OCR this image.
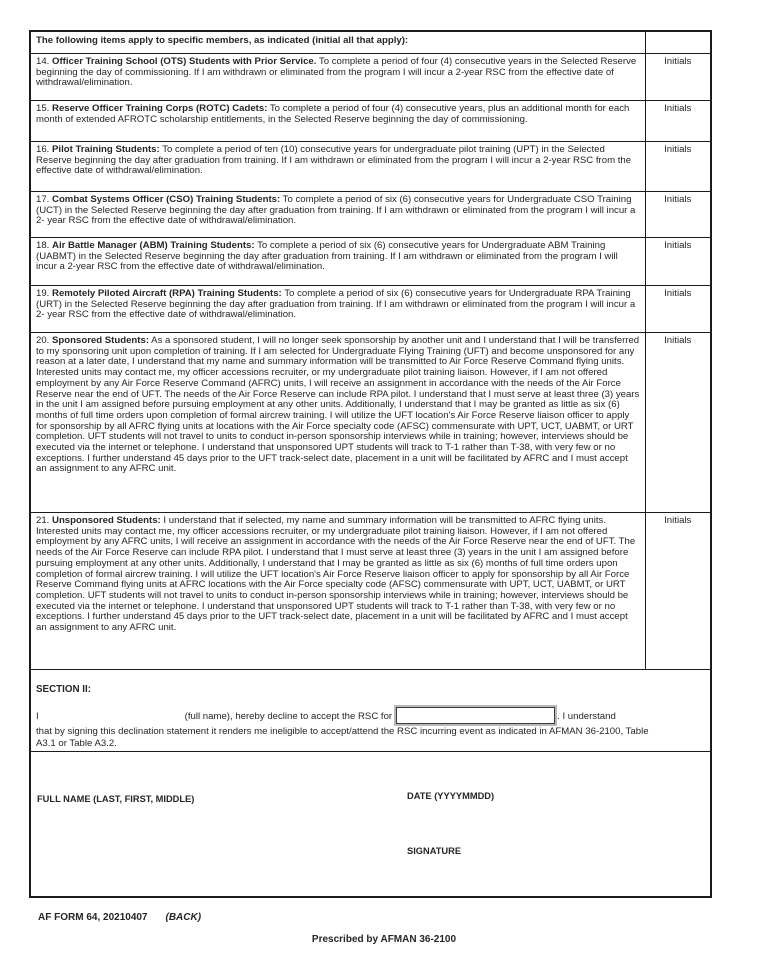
The following items apply to specific members, as indicated (initial all that apply):	
14. Officer Training School (OTS) Students with Prior Service. To complete a period of four (4) consecutive years in the Selected Reserve beginning the day of commissioning. If I am withdrawn or eliminated from the program I will incur a 2-year RSC from the effective date of withdrawal/elimination.	Initials
15. Reserve Officer Training Corps (ROTC) Cadets: To complete a period of four (4) consecutive years, plus an additional month for each month of extended AFROTC scholarship entitlements, in the Selected Reserve beginning the day of commissioning.	Initials
16. Pilot Training Students: To complete a period of ten (10) consecutive years for undergraduate pilot training (UPT) in the Selected Reserve beginning the day after graduation from training. If I am withdrawn or eliminated from the program I will incur a 2-year RSC from the effective date of withdrawal/elimination.	Initials
17. Combat Systems Officer (CSO) Training Students: To complete a period of six (6) consecutive years for Undergraduate CSO Training (UCT) in the Selected Reserve beginning the day after graduation from training. If I am withdrawn or eliminated from the program I will incur a 2- year RSC from the effective date of withdrawal/elimination.	Initials
18. Air Battle Manager (ABM) Training Students: To complete a period of six (6) consecutive years for Undergraduate ABM Training (UABMT) in the Selected Reserve beginning the day after graduation from training. If I am withdrawn or eliminated from the program I will incur a 2-year RSC from the effective date of withdrawal/elimination.	Initials
19. Remotely Piloted Aircraft (RPA) Training Students: To complete a period of six (6) consecutive years for Undergraduate RPA Training (URT) in the Selected Reserve beginning the day after graduation from training. If I am withdrawn or eliminated from the program I will incur a 2- year RSC from the effective date of withdrawal/elimination.	Initials

20. Sponsored Students: As a sponsored student, I will no longer seek sponsorship by another unit and I understand that I will be transferred to my sponsoring unit upon completion of training. If I am selected for Undergraduate Flying Training (UFT) and become unsponsored for any reason at a later date, I understand that my name and summary information will be transmitted to Air Force Reserve Command flying units. Interested units may contact me, my officer accessions recruiter, or my undergraduate pilot training liaison. However, if I am not offered employment by any Air Force Reserve Command (AFRC) units, I will receive an assignment in accordance with the needs of the Air Force Reserve near the end of UFT. The needs of the Air Force Reserve can include RPA pilot. I understand that I must serve at least three (3) years in the unit I am assigned before pursuing employment at any other units. Additionally, I understand that I may be granted as little as six (6) months of full time orders upon completion of formal aircrew training. I will utilize the UFT location's Air Force Reserve liaison officer to apply for sponsorship by all AFRC flying units at locations with the Air Force specialty code (AFSC) commensurate with UPT, UCT, UABMT, or URT completion. UFT students will not travel to units to conduct in-person sponsorship interviews while in training; however, interviews should be executed via the internet or telephone. I understand that unsponsored UPT students will track to T-1 rather than T-38, with very few or no exceptions. I further understand 45 days prior to the UFT track-select date, placement in a unit will be facilitated by AFRC and I must accept an assignment to any AFRC unit.	Initials
21. Unsponsored Students: I understand that if selected, my name and summary information will be transmitted to AFRC flying units. Interested units may contact me, my officer accessions recruiter, or my undergraduate pilot training liaison. However, if I am not offered employment by any AFRC units, I will receive an assignment in accordance with the needs of the Air Force Reserve near the end of UFT. The needs of the Air Force Reserve can include RPA pilot. I understand that I must serve at least three (3) years in the unit I am assigned before pursuing employment at any other units. Additionally, I understand that I may be granted as little as six (6) months of full time orders upon completion of formal aircrew training. I will utilize the UFT location's Air Force Reserve liaison officer to apply for sponsorship by all Air Force Reserve Command flying units at AFRC locations with the Air Force specialty code (AFSC) commensurate with UPT, UCT, UABMT, or URT completion. UFT students will not travel to units to conduct in-person sponsorship interviews while in training; however, interviews should be executed via the internet or telephone. I understand that unsponsored UPT students will track to T-1 rather than T-38, with very few or no exceptions. I further understand 45 days prior to the UFT track-select date, placement in a unit will be facilitated by AFRC and I must accept an assignment to any AFRC unit.	Initials

SECTION II:
I (full name), hereby decline to accept the RSC for . I understand
that by signing this declination statement it renders me ineligible to accept/attend the RSC incurring event as indicated in AFMAN 36-2100, Table
A3.1 or Table A3.2.	

FULL NAME (LAST, FIRST, MIDDLE) DATE (YYYYMMDD)
SIGNATURE	
AF FORM 64, 20210407 (BACK)
Prescribed by AFMAN 36-2100
